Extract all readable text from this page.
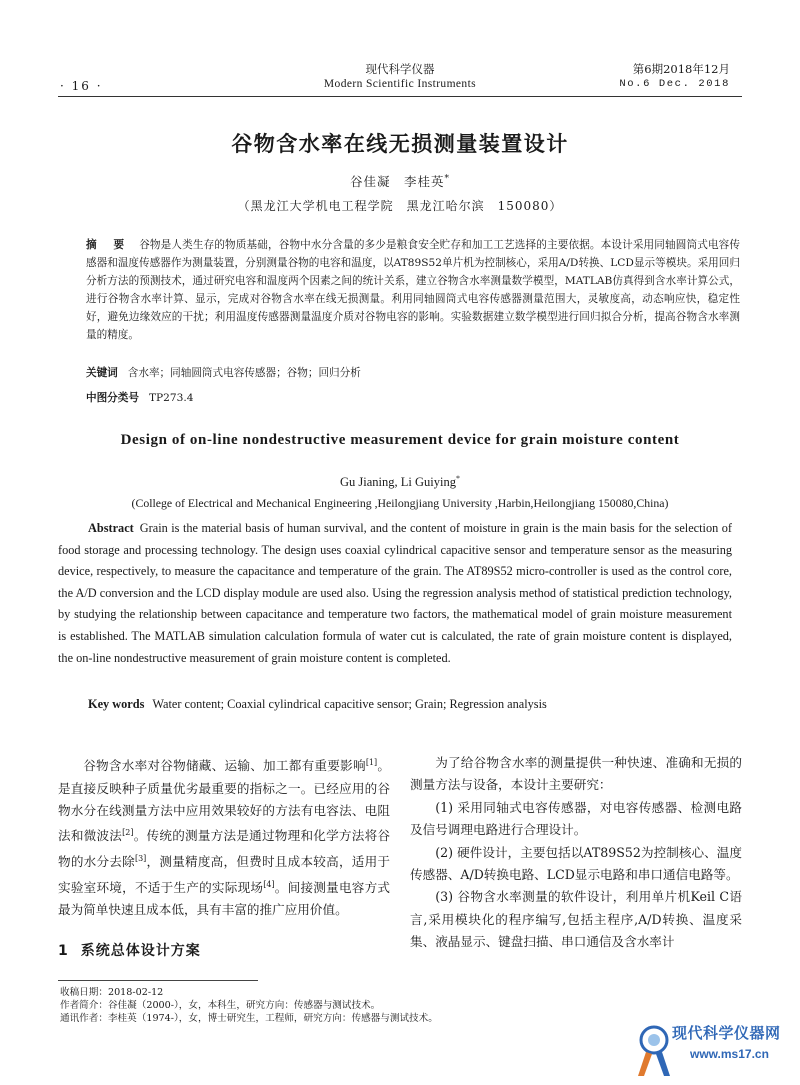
· 16 ·
现代科学仪器
Modern Scientific Instruments
第6期2018年12月
No.6 Dec. 2018
谷物含水率在线无损测量装置设计
谷佳凝　李桂英*
（黑龙江大学机电工程学院　黑龙江哈尔滨　150080）
摘　要 谷物是人类生存的物质基础，谷物中水分含量的多少是粮食安全贮存和加工工艺选择的主要依据。本设计采用同轴圆筒式电容传感器和温度传感器作为测量装置，分别测量谷物的电容和温度，以AT89S52单片机为控制核心，采用A/D转换、LCD显示等模块。采用回归分析方法的预测技术，通过研究电容和温度两个因素之间的统计关系，建立谷物含水率测量数学模型，MATLAB仿真得到含水率计算公式，进行谷物含水率计算、显示，完成对谷物含水率在线无损测量。利用同轴圆筒式电容传感器测量范围大，灵敏度高，动态响应快，稳定性好，避免边缘效应的干扰；利用温度传感器测量温度介质对谷物电容的影响。实验数据建立数学模型进行回归拟合分析，提高谷物含水率测量的精度。
关键词 含水率；同轴圆筒式电容传感器；谷物；回归分析
中图分类号 TP273.4
Design of on-line nondestructive measurement device for grain moisture content
Gu Jianing, Li Guiying*
(College of Electrical and Mechanical Engineering ,Heilongjiang University ,Harbin,Heilongjiang 150080,China)
Abstract Grain is the material basis of human survival, and the content of moisture in grain is the main basis for the selection of food storage and processing technology. The design uses coaxial cylindrical capacitive sensor and temperature sensor as the measuring device, respectively, to measure the capacitance and temperature of the grain. The AT89S52 micro-controller is used as the control core, the A/D conversion and the LCD display module are used also. Using the regression analysis method of statistical prediction technology, by studying the relationship between capacitance and temperature two factors, the mathematical model of grain moisture measurement is established. The MATLAB simulation calculation formula of water cut is calculated, the rate of grain moisture content is displayed, the on-line nondestructive measurement of grain moisture content is completed.
Key words Water content; Coaxial cylindrical capacitive sensor; Grain; Regression analysis

谷物含水率对谷物储藏、运输、加工都有重要影响[1]。是直接反映种子质量优劣最重要的指标之一。已经应用的谷物水分在线测量方法中应用效果较好的方法有电容法、电阻法和微波法[2]。传统的测量方法是通过物理和化学方法将谷物的水分去除[3]，测量精度高，但费时且成本较高，适用于实验室环境，不适于生产的实际现场[4]。间接测量电容方式最为简单快速且成本低，具有丰富的推广应用价值。

1 系统总体设计方案

为了给谷物含水率的测量提供一种快速、准确和无损的测量方法与设备，本设计主要研究：

(1) 采用同轴式电容传感器，对电容传感器、检测电路及信号调理电路进行合理设计。

(2) 硬件设计，主要包括以AT89S52为控制核心、温度传感器、A/D转换电路、LCD显示电路和串口通信电路等。

(3) 谷物含水率测量的软件设计，利用单片机Keil C语言,采用模块化的程序编写,包括主程序,A/D转换、温度采集、液晶显示、键盘扫描、串口通信及含水率计

收稿日期：2018-02-12
作者简介：谷佳凝（2000-），女，本科生，研究方向：传感器与测试技术。
通讯作者：李桂英（1974-），女，博士研究生，工程师，研究方向：传感器与测试技术。
现代科学仪器网
www.ms17.cn
